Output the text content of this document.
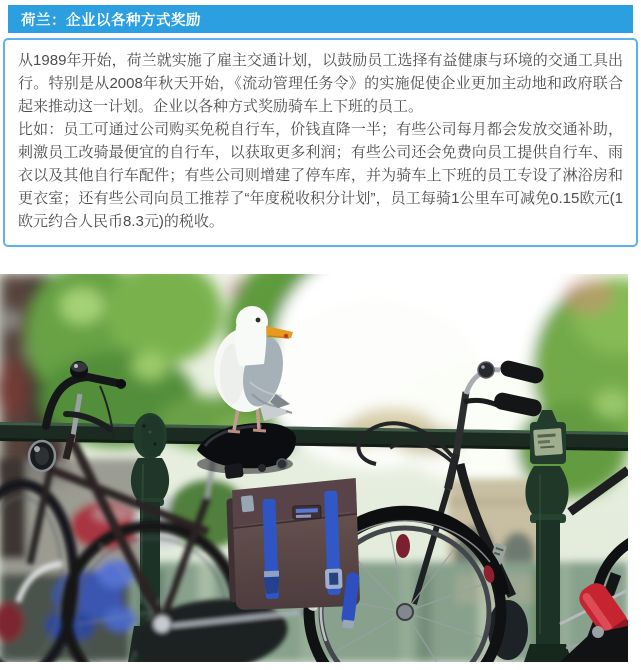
荷兰：企业以各种方式奖励

从1989年开始，荷兰就实施了雇主交通计划，以鼓励员工选择有益健康与环境的交通工具出行。特别是从2008年秋天开始，《流动管理任务令》的实施促使企业更加主动地和政府联合起来推动这一计划。企业以各种方式奖励骑车上下班的员工。

比如：员工可通过公司购买免税自行车，价钱直降一半；有些公司每月都会发放交通补助，刺激员工改骑最便宜的自行车，以获取更多利润；有些公司还会免费向员工提供自行车、雨衣以及其他自行车配件；有些公司则增建了停车库，并为骑车上下班的员工专设了淋浴房和更衣室；还有些公司向员工推荐了“年度税收积分计划”，员工每骑1公里车可减免0.15欧元(1欧元约合人民币8.3元)的税收。
